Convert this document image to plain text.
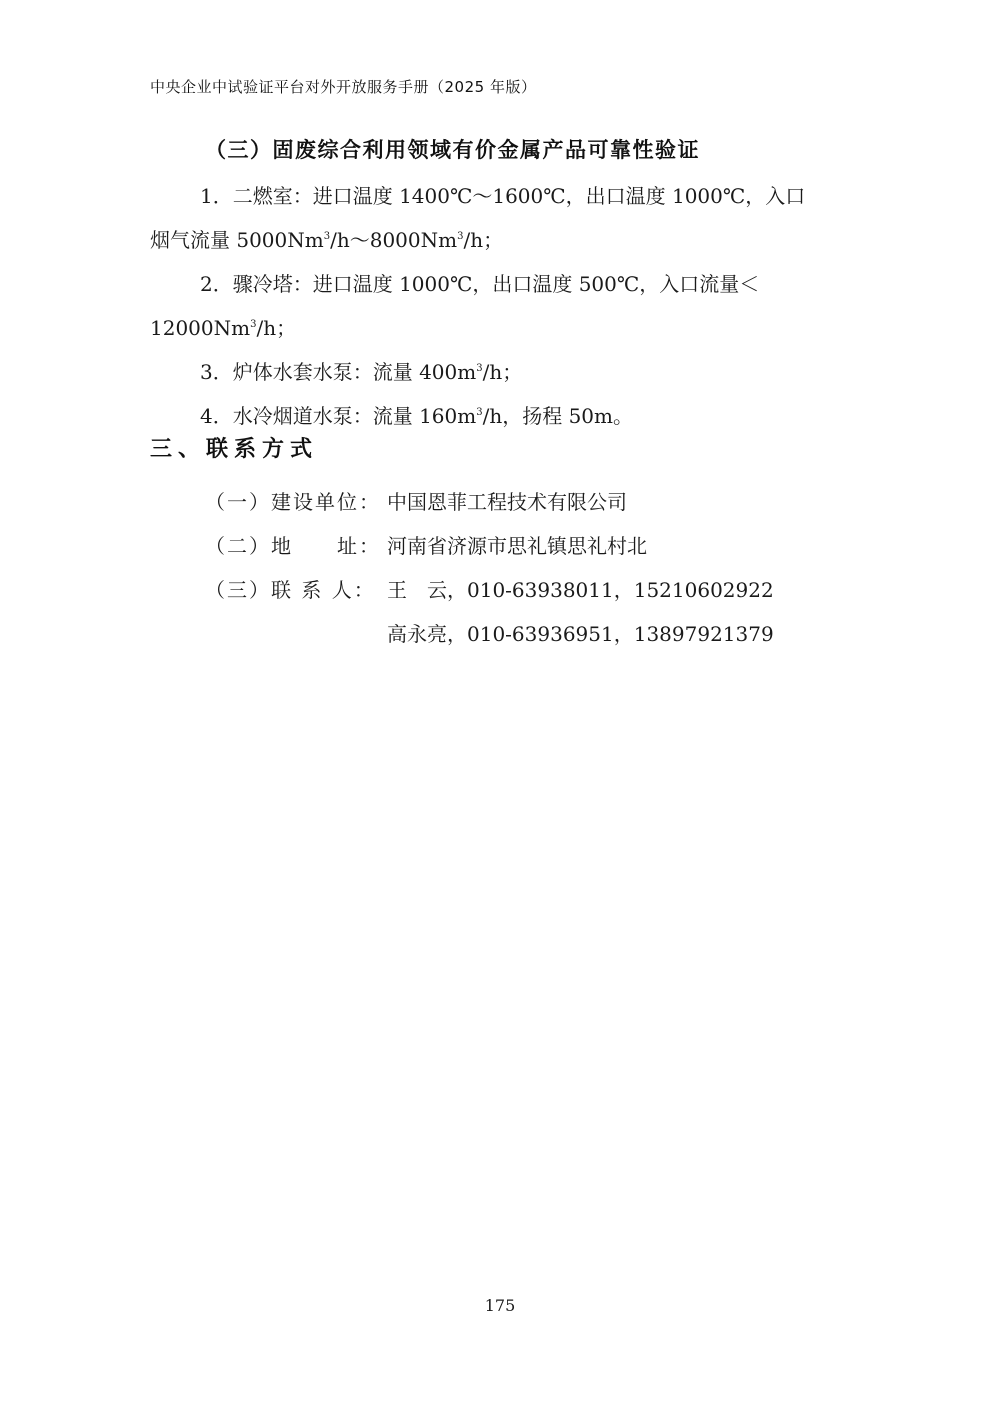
中央企业中试验证平台对外开放服务手册（2025 年版）
（三）固废综合利用领域有价金属产品可靠性验证
1．二燃室：进口温度 1400℃～1600℃，出口温度 1000℃，入口
烟气流量 5000Nm$^3$/h～8000Nm$^3$/h；
2．骤冷塔：进口温度 1000℃，出口温度 500℃，入口流量＜
$12000Nm^3/h$；
3．炉体水套水泵：流量 $400m^3/h$；
4．水冷烟道水泵：流量 $160m^3/h$，扬程 50m。
三、联系方式
（一）建设单位： 中国恩菲工程技术有限公司
（二）地　　址： 河南省济源市思礼镇思礼村北
（三）联 系 人： 王　云，010-63938011，15210602922
高永亮，010-63936951，13897921379
175
